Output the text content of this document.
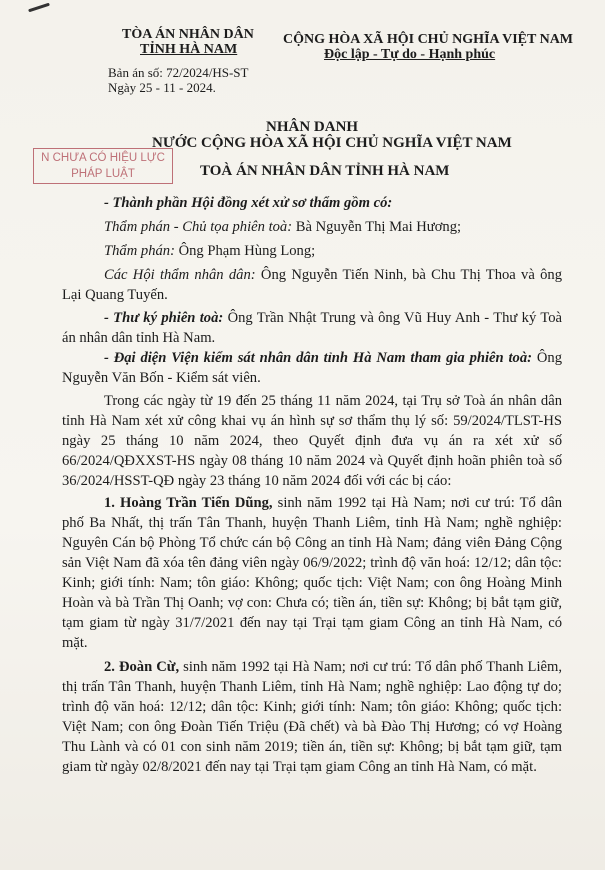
TÒA ÁN NHÂN DÂN
TỈNH HÀ NAM
Bản án số: 72/2024/HS-ST
Ngày 25 - 11 - 2024.
CỘNG HÒA XÃ HỘI CHỦ NGHĨA VIỆT NAM
Độc lập - Tự do - Hạnh phúc
NHÂN DANH
NƯỚC CỘNG HÒA XÃ HỘI CHỦ NGHĨA VIỆT NAM
TOÀ ÁN NHÂN DÂN TỈNH HÀ NAM
N CHƯA CÓ HIỆU LỰC
PHÁP LUẬT
- Thành phần Hội đồng xét xử sơ thẩm gồm có:
Thẩm phán - Chủ tọa phiên toà: Bà Nguyễn Thị Mai Hương;
Thẩm phán: Ông Phạm Hùng Long;
Các Hội thẩm nhân dân: Ông Nguyễn Tiến Ninh, bà Chu Thị Thoa và ông Lại Quang Tuyến.
- Thư ký phiên toà: Ông Trần Nhật Trung và ông Vũ Huy Anh - Thư ký Toà án nhân dân tỉnh Hà Nam.
- Đại diện Viện kiểm sát nhân dân tỉnh Hà Nam tham gia phiên toà: Ông Nguyễn Văn Bốn - Kiểm sát viên.
Trong các ngày từ 19 đến 25 tháng 11 năm 2024, tại Trụ sở Toà án nhân dân tỉnh Hà Nam xét xử công khai vụ án hình sự sơ thẩm thụ lý số: 59/2024/TLST-HS ngày 25 tháng 10 năm 2024, theo Quyết định đưa vụ án ra xét xử số 66/2024/QĐXXST-HS ngày 08 tháng 10 năm 2024 và Quyết định hoãn phiên toà số 36/2024/HSST-QĐ ngày 23 tháng 10 năm 2024 đối với các bị cáo:
1. Hoàng Trần Tiến Dũng, sinh năm 1992 tại Hà Nam; nơi cư trú: Tổ dân phố Ba Nhất, thị trấn Tân Thanh, huyện Thanh Liêm, tỉnh Hà Nam; nghề nghiệp: Nguyên Cán bộ Phòng Tổ chức cán bộ Công an tỉnh Hà Nam; đảng viên Đảng Cộng sản Việt Nam đã xóa tên đảng viên ngày 06/9/2022; trình độ văn hoá: 12/12; dân tộc: Kinh; giới tính: Nam; tôn giáo: Không; quốc tịch: Việt Nam; con ông Hoàng Minh Hoàn và bà Trần Thị Oanh; vợ con: Chưa có; tiền án, tiền sự: Không; bị bắt tạm giữ, tạm giam từ ngày 31/7/2021 đến nay tại Trại tạm giam Công an tỉnh Hà Nam, có mặt.
2. Đoàn Cừ, sinh năm 1992 tại Hà Nam; nơi cư trú: Tổ dân phố Thanh Liêm, thị trấn Tân Thanh, huyện Thanh Liêm, tỉnh Hà Nam; nghề nghiệp: Lao động tự do; trình độ văn hoá: 12/12; dân tộc: Kinh; giới tính: Nam; tôn giáo: Không; quốc tịch: Việt Nam; con ông Đoàn Tiến Triệu (Đã chết) và bà Đào Thị Hương; có vợ Hoàng Thu Lành và có 01 con sinh năm 2019; tiền án, tiền sự: Không; bị bắt tạm giữ, tạm giam từ ngày 02/8/2021 đến nay tại Trại tạm giam Công an tỉnh Hà Nam, có mặt.
